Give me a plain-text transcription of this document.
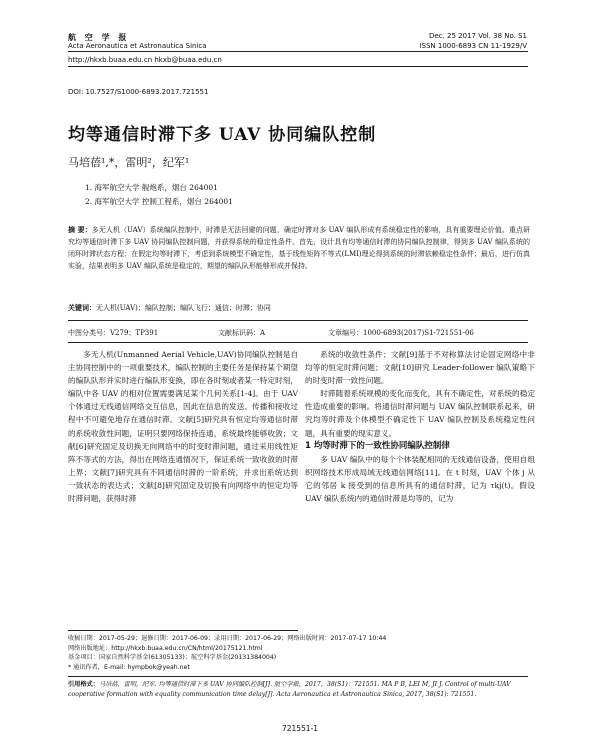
航 空 学 报
Acta Aeronautica et Astronautica Sinica
Dec. 25 2017 Vol. 38 No. S1
ISSN 1000-6893 CN 11-1929/V
http://hkxb.buaa.edu.cn hkxb@buaa.edu.cn
DOI: 10.7527/S1000-6893.2017.721551
均等通信时滞下多 UAV 协同编队控制
马培蓓¹,*，雷明²，纪军¹
1. 海军航空大学 舰炮系，烟台 264001
2. 海军航空大学 控制工程系，烟台 264001
摘 要：多无人机（UAV）系统编队控制中，时滞是无法回避的问题，确定时滞对多 UAV 编队形成有系统稳定性的影响，具有重要理论价值。重点研究均等通信时滞下多 UAV 协同编队控制问题，并获得系统的稳定性条件。首先，设计具有均等通信时滞的协同编队控制律，得到多 UAV 编队系统的闭环时滞状态方程；在假定均等时滞下，考虑到系统模型不确定性，基于线性矩阵不等式(LMI)理论得到系统的时滞依赖稳定性条件；最后，进行仿真实验，结果表明多 UAV 编队系统是稳定的，期望的编队队形能够形成并保持。
关键词：无人机(UAV)；编队控制；编队飞行；通信；时滞；协同
中图分类号：V279；TP391	文献标识码：A	文章编号：1000-6893(2017)S1-721551-06

多无人机(Unmanned Aerial Vehicle,UAV)协同编队控制是自主协同控制中的一项重要技术，编队控制的主要任务是保持某个期望的编队队形并实时进行编队形变换，即在各时刻或者某一特定时刻，编队中各 UAV 的相对位置需要满足某个几何关系[1-4]。由于 UAV 个体通过无线通信网络交互信息，因此在信息的发送、传播和接收过程中不可避免地存在通信时滞。文献[5]研究具有恒定均等通信时滞的系统收敛性问题，证明只要网络保持连通，系统最终能够收敛；文献[6]研究固定及切换无向网络中的时变时滞问题，通过采用线性矩阵不等式的方法，得出在网络连通情况下，保证系统一致收敛的时滞上界；文献[7]研究具有不同通信时滞的一阶系统，并求出系统达到一致状态的表达式；文献[8]研究固定及切换有向网络中的恒定均等时滞问题，获得时滞

系统的收敛性条件；文献[9]基于不对称算法讨论固定网络中非均等的恒定时滞问题；文献[10]研究 Leader-follower 编队策略下的时变时滞一致性问题。

时滞随着系统规模的变化而变化，具有不确定性，对系统的稳定性造成重要的影响。将通信时滞问题与 UAV 编队控制联系起来，研究均等时滞及个体模型不确定性下 UAV 编队控制及系统稳定性问题，具有重要的现实意义。

1 均等时滞下的一致性协同编队控制律

多 UAV 编队中的每个个体装配相同的无线通信设备，使用自组织网络技术形成局域无线通信网络[11]。在 t 时刻，UAV 个体 j 从它的邻居 k 接受到的信息所具有的通信时滞，记为 τkj(t)。假设 UAV 编队系统内的通信时滞是均等的，记为

收稿日期：2017-05-29；退修日期：2017-06-09；录用日期：2017-06-29；网络出版时间：2017-07-17 10:44
网络出版地址：http://hkxb.buaa.edu.cn/CN/html/20175121.html
基金项目：国家自然科学基金(61305133)；航空科学基金(20131384004)
* 通讯作者，E-mail: hympbok@yeah.net
引用格式：马培蓓，雷明，纪军. 均等通信时滞下多 UAV 协同编队控制[J]. 航空学报，2017，38(S1)：721551. MA P B, LEI M, JI J. Control of multi-UAV cooperative formation with equality communication time delay[J]. Acta Aeronautica et Astronautica Sinica, 2017, 38(S1): 721551.
721551-1
